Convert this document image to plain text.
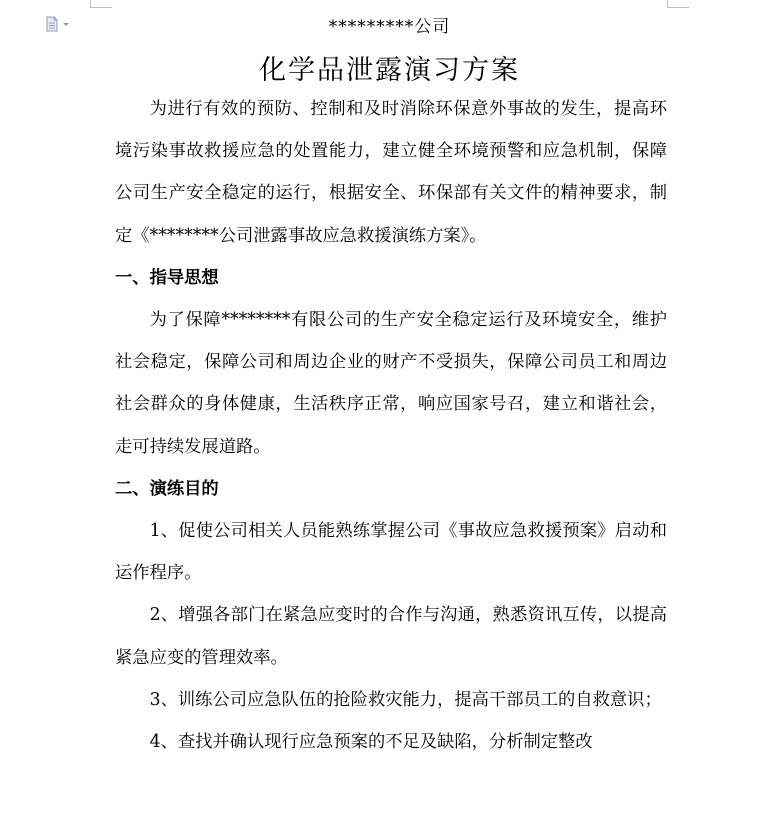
*********公司
化学品泄露演习方案

为进行有效的预防、控制和及时消除环保意外事故的发生，提高环境污染事故救援应急的处置能力，建立健全环境预警和应急机制，保障公司生产安全稳定的运行，根据安全、环保部有关文件的精神要求，制定《********公司泄露事故应急救援演练方案》。

一、指导思想

为了保障********有限公司的生产安全稳定运行及环境安全，维护社会稳定，保障公司和周边企业的财产不受损失，保障公司员工和周边社会群众的身体健康，生活秩序正常，响应国家号召，建立和谐社会，走可持续发展道路。

二、演练目的

1、促使公司相关人员能熟练掌握公司《事故应急救援预案》启动和运作程序。

2、增强各部门在紧急应变时的合作与沟通，熟悉资讯互传，以提高紧急应变的管理效率。

3、训练公司应急队伍的抢险救灾能力，提高干部员工的自救意识；

4、查找并确认现行应急预案的不足及缺陷，分析制定整改
